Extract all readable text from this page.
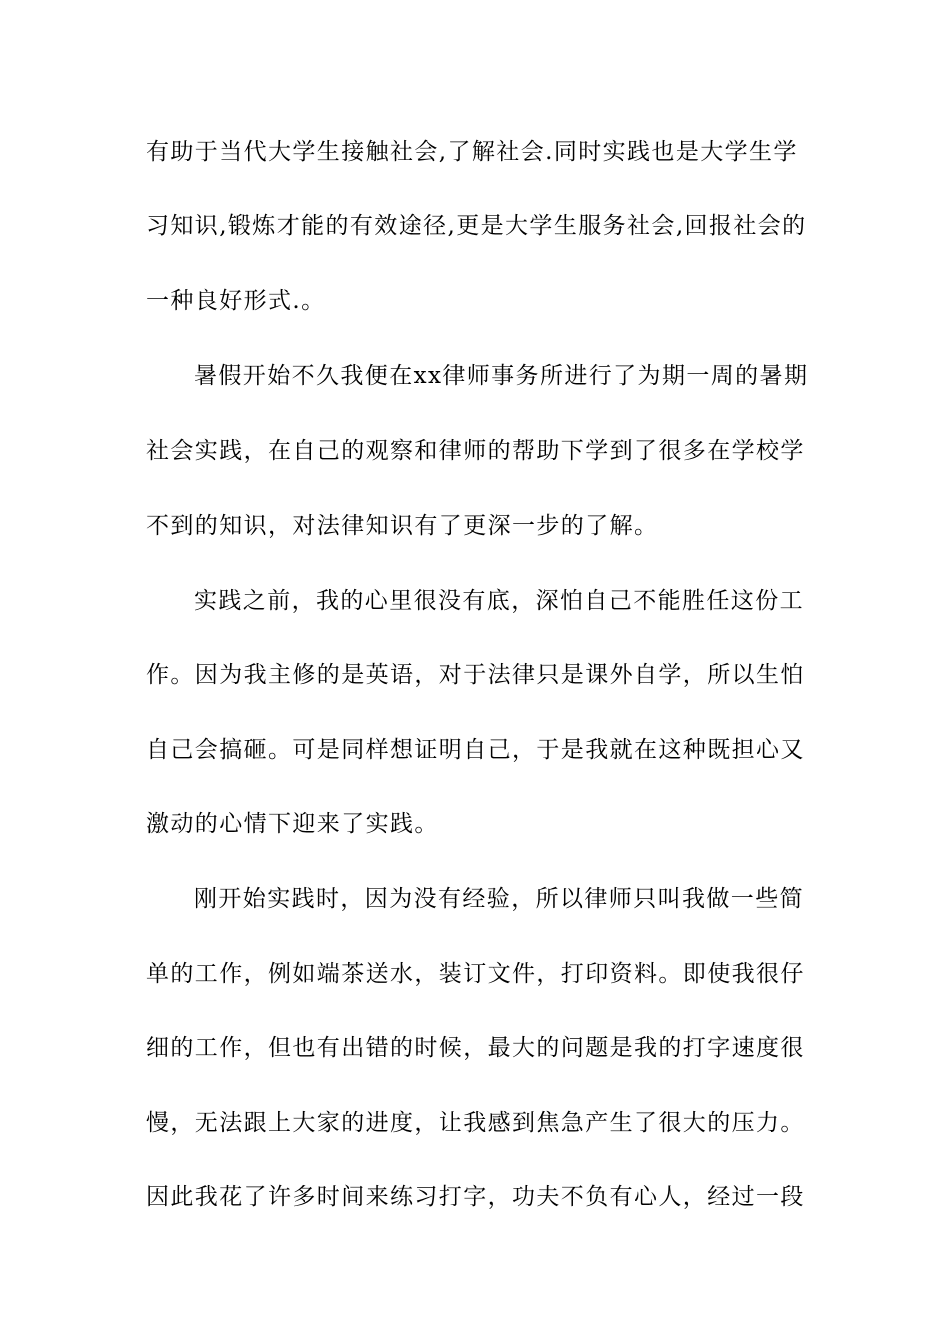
有助于当代大学生接触社会,了解社会.同时实践也是大学生学
习知识,锻炼才能的有效途径,更是大学生服务社会,回报社会的
一种良好形式.。
暑假开始不久我便在xx律师事务所进行了为期一周的暑期
社会实践，在自己的观察和律师的帮助下学到了很多在学校学
不到的知识，对法律知识有了更深一步的了解。
实践之前，我的心里很没有底，深怕自己不能胜任这份工
作。因为我主修的是英语，对于法律只是课外自学，所以生怕
自己会搞砸。可是同样想证明自己，于是我就在这种既担心又
激动的心情下迎来了实践。
刚开始实践时，因为没有经验，所以律师只叫我做一些简
单的工作，例如端茶送水，装订文件，打印资料。即使我很仔
细的工作，但也有出错的时候，最大的问题是我的打字速度很
慢，无法跟上大家的进度，让我感到焦急产生了很大的压力。
因此我花了许多时间来练习打字，功夫不负有心人，经过一段
